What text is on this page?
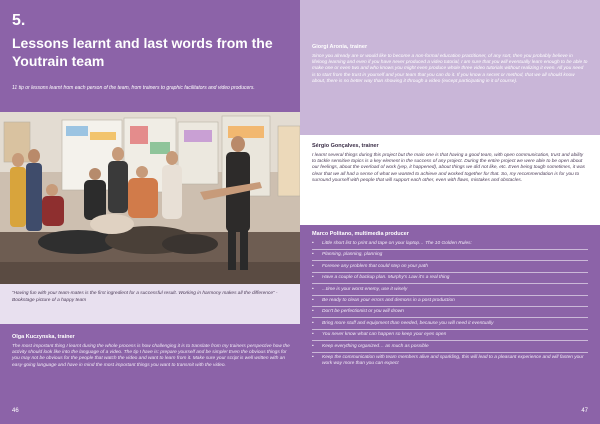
5.
Lessons learnt and last words from the Youtrain team
11 tip or lessons learnt from each person of the team, from trainers to graphic facilitators and video producers.
“Having fun with your team-mates is the first ingredient for a successful result. Working in harmony makes all the difference” - Bookstage picture of a happy team
Olga Kuczynska, trainer
The most important thing I learnt during the whole process is how challenging it is to translate from my trainers perspective how the activity should look like into the language of a video. The tip I have is: prepare yourself and be simple! Even the obvious things for you may not be obvious for the people that watch the video and want to learn from it. Make sure your script is well written with an easy-going language and have in mind the most important things you want to transmit with the video.
46
Giorgi Aronia, trainer
Since you already are or would like to become a non-formal education practitioner, of any sort, then you probably believe in lifelong learning and even if you have never produced a video tutorial, I am sure that you will eventually learn enough to be able to make one or even two and who knows you might even produce whole three video tutorials without realizing it even. All you need is to start from the trust in yourself and your team that you can do it. If you know a secret or method, that we all should know about, there is no better way than showing it through a video (except participating in it of course).
Sérgio Gonçalves, trainer
I learnt several things during this project but the main one is that having a good team, with open communication, trust and ability to tackle sensitive topics is a key element in the success of any project. During the entire project we were able to be open about our feelings, about the overload of work (yep, it happened), about things we did not like, etc. Even being tough sometimes, it was clear that we all had a sense of what we wanted to achieve and worked together for that. So, my recommendation is for you to surround yourself with people that will support each other, even with flaws, mistakes and obstacles.
Marco Politano, multimedia producer
• Little short list to print and tape on your laptop… The 10 Golden Rules:
• Planning, planning, planning
• Foresee any problem that could step on your path
• Have a couple of backup plan. Murphy's Law it's a real thing
• ...time is your worst enemy, use it wisely
• Be ready to clean your errors and demons in a post production
• Don't be perfectionist or you will drown
• Bring more stuff and equipment than needed, because you will need it eventually
• You never know what can happen so keep your eyes open
• Keep everything organized… as much as possible
• Keep the communication with team members alive and sparkling, this will lead to a pleasant experience and will fasten your work way more than you can expect
47
